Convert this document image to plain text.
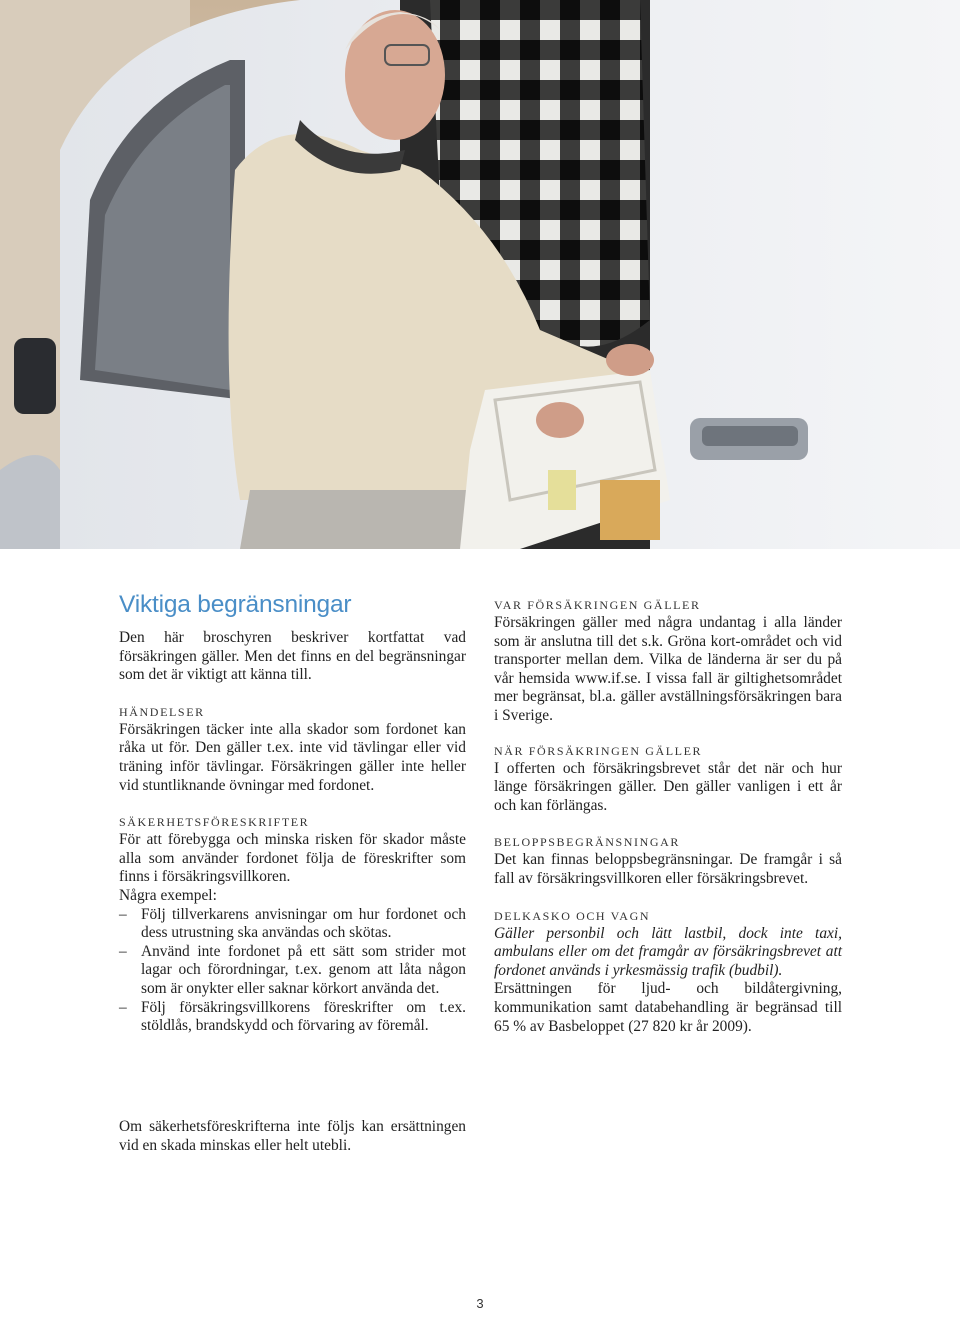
Viktiga begränsningar

Den här broschyren beskriver kortfattat vad försäkringen gäller. Men det finns en del begränsningar som det är viktigt att känna till.

HÄNDELSER

Försäkringen täcker inte alla skador som fordonet kan råka ut för. Den gäller t.ex. inte vid tävlingar eller vid träning inför tävlingar. Försäkringen gäller inte heller vid stuntliknande övningar med fordonet.

SÄKERHETSFÖRESKRIFTER

För att förebygga och minska risken för skador måste alla som använder fordonet följa de föreskrifter som finns i försäkringsvillkoren.

Några exempel:

– Följ tillverkarens anvisningar om hur fordonet och dess utrustning ska användas och skötas.
– Använd inte fordonet på ett sätt som strider mot lagar och förordningar, t.ex. genom att låta någon som är onykter eller saknar körkort använda det.
– Följ försäkringsvillkorens föreskrifter om t.ex. stöldlås, brandskydd och förvaring av föremål.

Om säkerhetsföreskrifterna inte följs kan ersättningen vid en skada minskas eller helt utebli.

VAR FÖRSÄKRINGEN GÄLLER

Försäkringen gäller med några undantag i alla länder som är anslutna till det s.k. Gröna kort-området och vid transporter mellan dem. Vilka de länderna är ser du på vår hemsida www.if.se. I vissa fall är giltighetsområdet mer begränsat, bl.a. gäller avställningsförsäkringen bara i Sverige.

NÄR FÖRSÄKRINGEN GÄLLER

I offerten och försäkringsbrevet står det när och hur länge försäkringen gäller. Den gäller vanligen i ett år och kan förlängas.

BELOPPSBEGRÄNSNINGAR

Det kan finnas beloppsbegränsningar. De framgår i så fall av försäkringsvillkoren eller försäkringsbrevet.

DELKASKO OCH VAGN

Gäller personbil och lätt lastbil, dock inte taxi, ambulans eller om det framgår av försäkringsbrevet att fordonet används i yrkesmässig trafik (budbil).

Ersättningen för ljud- och bildåtergivning, kommunikation samt databehandling är begränsad till 65 % av Basbeloppet (27 820 kr år 2009).

3
